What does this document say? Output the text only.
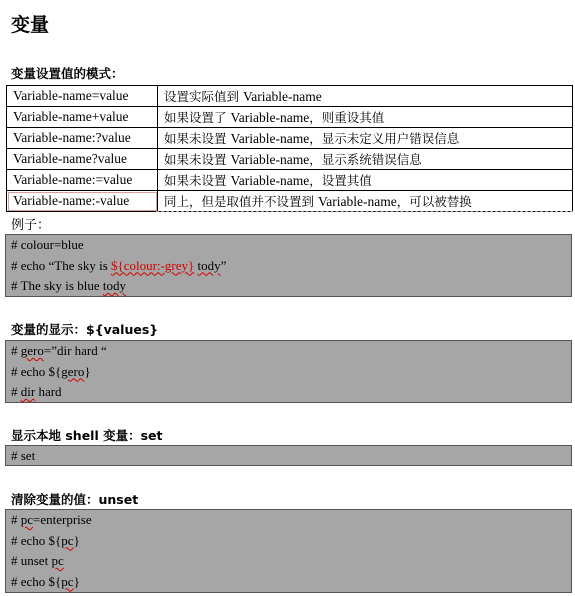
变量
变量设置值的模式：
Variable-name=value	设置实际值到 Variable-name
Variable-name+value	如果设置了 Variable-name，则重设其值
Variable-name:?value	如果未设置 Variable-name，显示未定义用户错误信息
Variable-name?value	如果未设置 Variable-name，显示系统错误信息
Variable-name:=value	如果未设置 Variable-name，设置其值
Variable-name:-value	同上，但是取值并不设置到 Variable-name，可以被替换
例子：
# colour=blue
# echo “The sky is ${colour:-grey} tody”
# The sky is blue tody
变量的显示：${values}
# gero=”dir hard “
# echo ${gero}
# dir hard
显示本地 shell 变量：set
# set
清除变量的值：unset
# pc=enterprise
# echo ${pc}
# unset pc
# echo ${pc}
